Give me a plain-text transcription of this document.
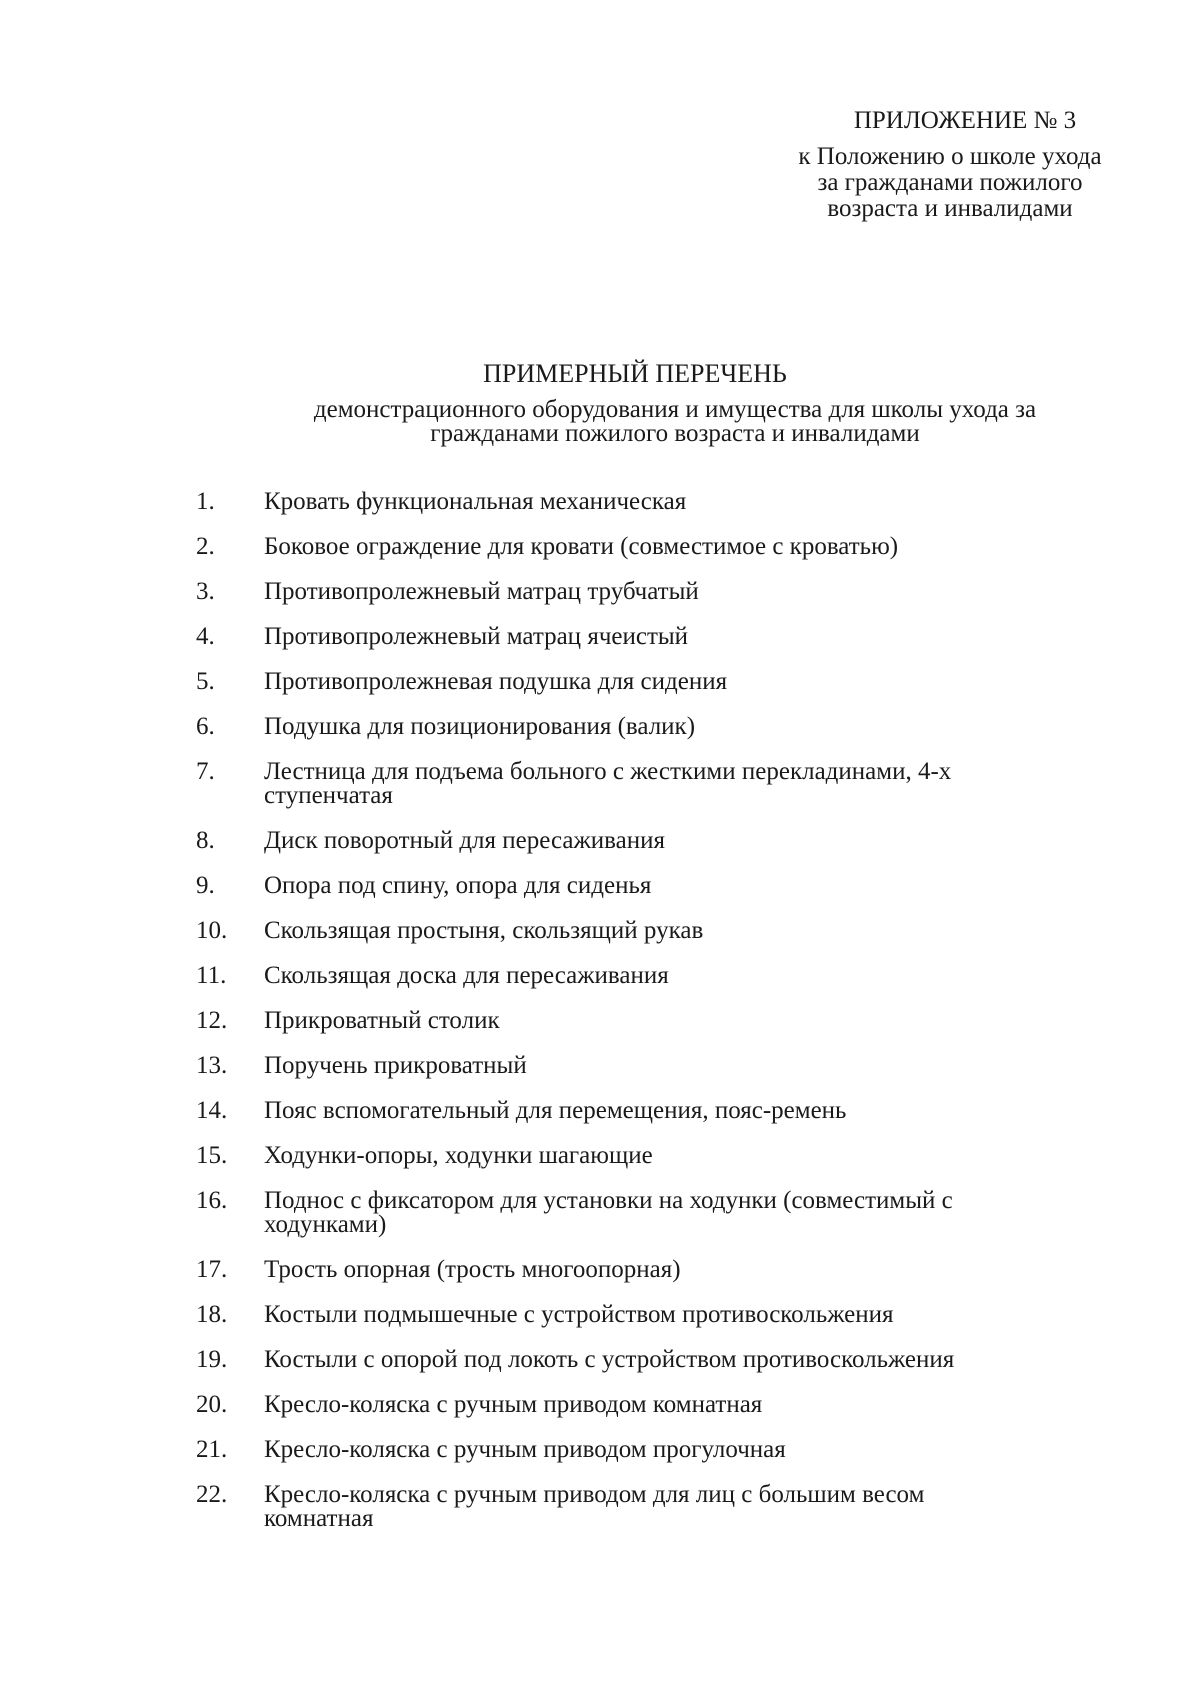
ПРИЛОЖЕНИЕ № 3
к Положению о школе ухода
за гражданами пожилого
возраста и инвалидами
ПРИМЕРНЫЙ ПЕРЕЧЕНЬ
демонстрационного оборудования и имущества для школы ухода за
гражданами пожилого возраста и инвалидами
1.	Кровать функциональная механическая
2.	Боковое ограждение для кровати (совместимое с кроватью)
3.	Противопролежневый матрац трубчатый
4.	Противопролежневый матрац ячеистый
5.	Противопролежневая подушка для сидения
6.	Подушка для позиционирования (валик)
7.	Лестница для подъема больного с жесткими перекладинами, 4-х
ступенчатая
8.	Диск поворотный для пересаживания
9.	Опора под спину, опора для сиденья
10.	Скользящая простыня, скользящий рукав
11.	Скользящая доска для пересаживания
12.	Прикроватный столик
13.	Поручень прикроватный
14.	Пояс вспомогательный для перемещения, пояс-ремень
15.	Ходунки-опоры, ходунки шагающие
16.	Поднос с фиксатором для установки на ходунки (совместимый с
ходунками)
17.	Трость опорная (трость многоопорная)
18.	Костыли подмышечные с устройством противоскольжения
19.	Костыли с опорой под локоть с устройством противоскольжения
20.	Кресло-коляска с ручным приводом комнатная
21.	Кресло-коляска с ручным приводом прогулочная
22.	Кресло-коляска с ручным приводом для лиц с большим весом
комнатная
